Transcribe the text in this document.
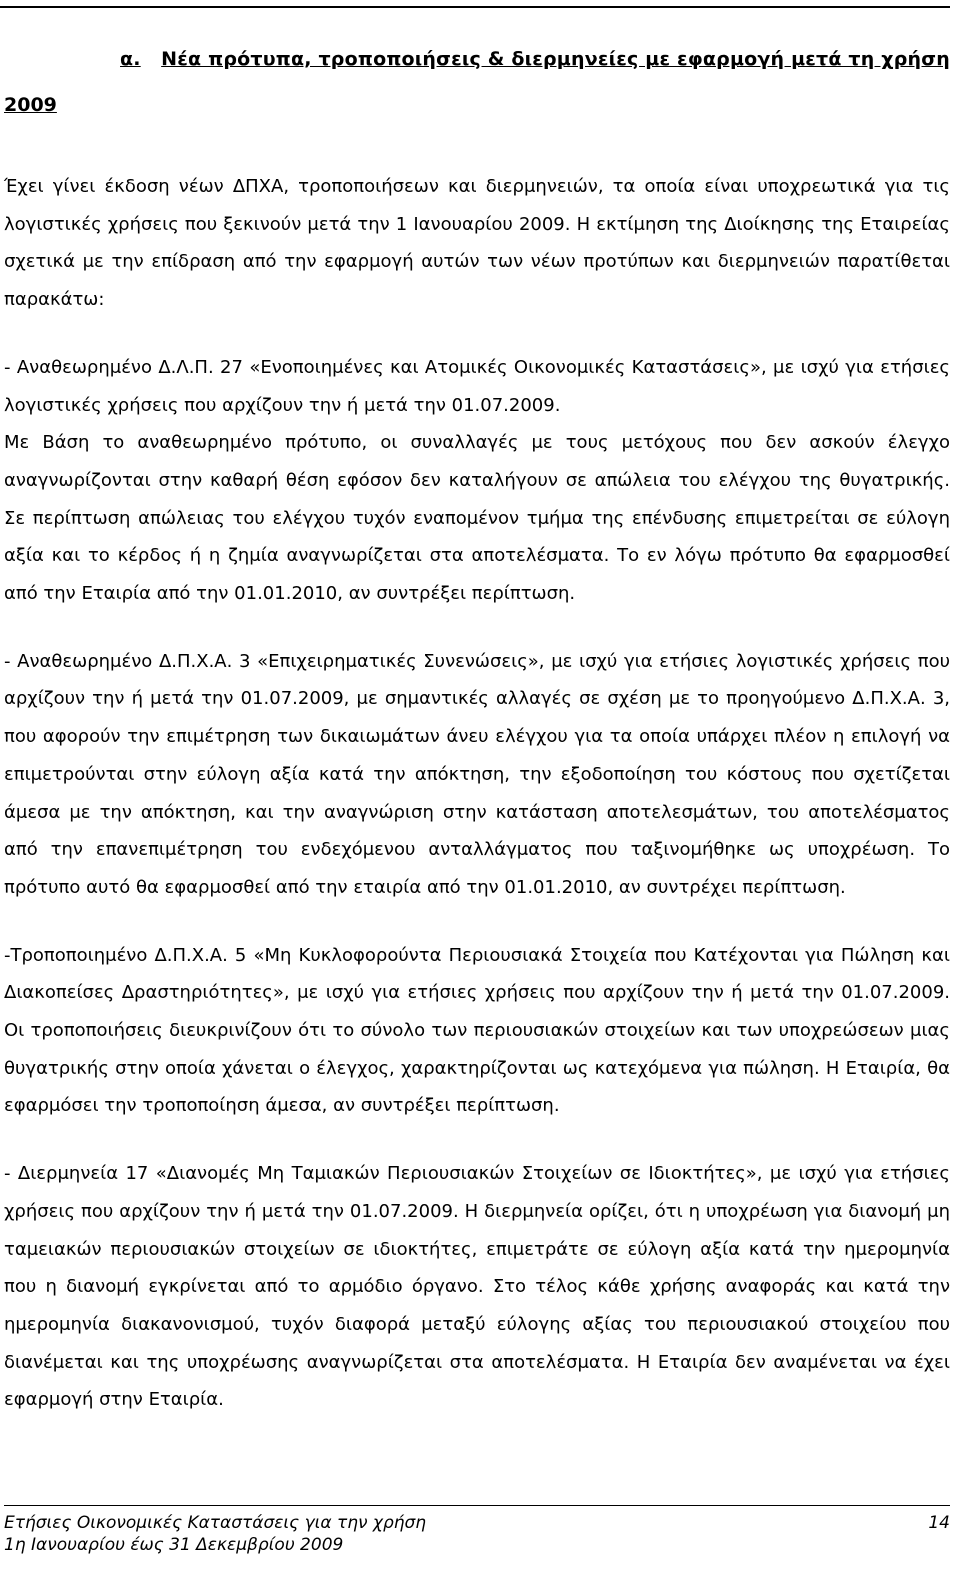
α. Νέα πρότυπα, τροποποιήσεις & διερμηνείες με εφαρμογή μετά τη χρήση
2009

Έχει γίνει έκδοση νέων ΔΠΧΑ, τροποποιήσεων και διερμηνειών, τα οποία είναι υποχρεωτικά για τις λογιστικές χρήσεις που ξεκινούν μετά την 1 Ιανουαρίου 2009. Η εκτίμηση της Διοίκησης της Εταιρείας σχετικά με την επίδραση από την εφαρμογή αυτών των νέων προτύπων και διερμηνειών παρατίθεται παρακάτω:

- Αναθεωρημένο Δ.Λ.Π. 27 «Ενοποιημένες και Ατομικές Οικονομικές Καταστάσεις», με ισχύ για ετήσιες λογιστικές χρήσεις που αρχίζουν την ή μετά την 01.07.2009.

Με Βάση το αναθεωρημένο πρότυπο, οι συναλλαγές με τους μετόχους που δεν ασκούν έλεγχο αναγνωρίζονται στην καθαρή θέση εφόσον δεν καταλήγουν σε απώλεια του ελέγχου της θυγατρικής. Σε περίπτωση απώλειας του ελέγχου τυχόν εναπομένον τμήμα της επένδυσης επιμετρείται σε εύλογη αξία και το κέρδος ή η ζημία αναγνωρίζεται στα αποτελέσματα. Το εν λόγω πρότυπο θα εφαρμοσθεί από την Εταιρία από την 01.01.2010, αν συντρέξει περίπτωση.

- Αναθεωρημένο Δ.Π.Χ.Α. 3 «Επιχειρηματικές Συνενώσεις», με ισχύ για ετήσιες λογιστικές χρήσεις που αρχίζουν την ή μετά την 01.07.2009, με σημαντικές αλλαγές σε σχέση με το προηγούμενο Δ.Π.Χ.Α. 3, που αφορούν την επιμέτρηση των δικαιωμάτων άνευ ελέγχου για τα οποία υπάρχει πλέον η επιλογή να επιμετρούνται στην εύλογη αξία κατά την απόκτηση, την εξοδοποίηση του κόστους που σχετίζεται άμεσα με την απόκτηση, και την αναγνώριση στην κατάσταση αποτελεσμάτων, του αποτελέσματος από την επανεπιμέτρηση του ενδεχόμενου ανταλλάγματος που ταξινομήθηκε ως υποχρέωση. Το πρότυπο αυτό θα εφαρμοσθεί από την εταιρία από την 01.01.2010, αν συντρέχει περίπτωση.

-Τροποποιημένο Δ.Π.Χ.Α. 5 «Μη Κυκλοφορούντα Περιουσιακά Στοιχεία που Κατέχονται για Πώληση και Διακοπείσες Δραστηριότητες», με ισχύ για ετήσιες χρήσεις που αρχίζουν την ή μετά την 01.07.2009. Οι τροποποιήσεις διευκρινίζουν ότι το σύνολο των περιουσιακών στοιχείων και των υποχρεώσεων μιας θυγατρικής στην οποία χάνεται ο έλεγχος, χαρακτηρίζονται ως κατεχόμενα για πώληση. Η Εταιρία, θα εφαρμόσει την τροποποίηση άμεσα, αν συντρέξει περίπτωση.

- Διερμηνεία 17 «Διανομές Μη Ταμιακών Περιουσιακών Στοιχείων σε Ιδιοκτήτες», με ισχύ για ετήσιες χρήσεις που αρχίζουν την ή μετά την 01.07.2009. Η διερμηνεία ορίζει, ότι η υποχρέωση για διανομή μη ταμειακών περιουσιακών στοιχείων σε ιδιοκτήτες, επιμετράτε σε εύλογη αξία κατά την ημερομηνία που η διανομή εγκρίνεται από το αρμόδιο όργανο. Στο τέλος κάθε χρήσης αναφοράς και κατά την ημερομηνία διακανονισμού, τυχόν διαφορά μεταξύ εύλογης αξίας του περιουσιακού στοιχείου που διανέμεται και της υποχρέωσης αναγνωρίζεται στα αποτελέσματα. Η Εταιρία δεν αναμένεται να έχει εφαρμογή στην Εταιρία.

Ετήσιες Οικονομικές Καταστάσεις για την χρήση	14
1η Ιανουαρίου έως 31 Δεκεμβρίου 2009
